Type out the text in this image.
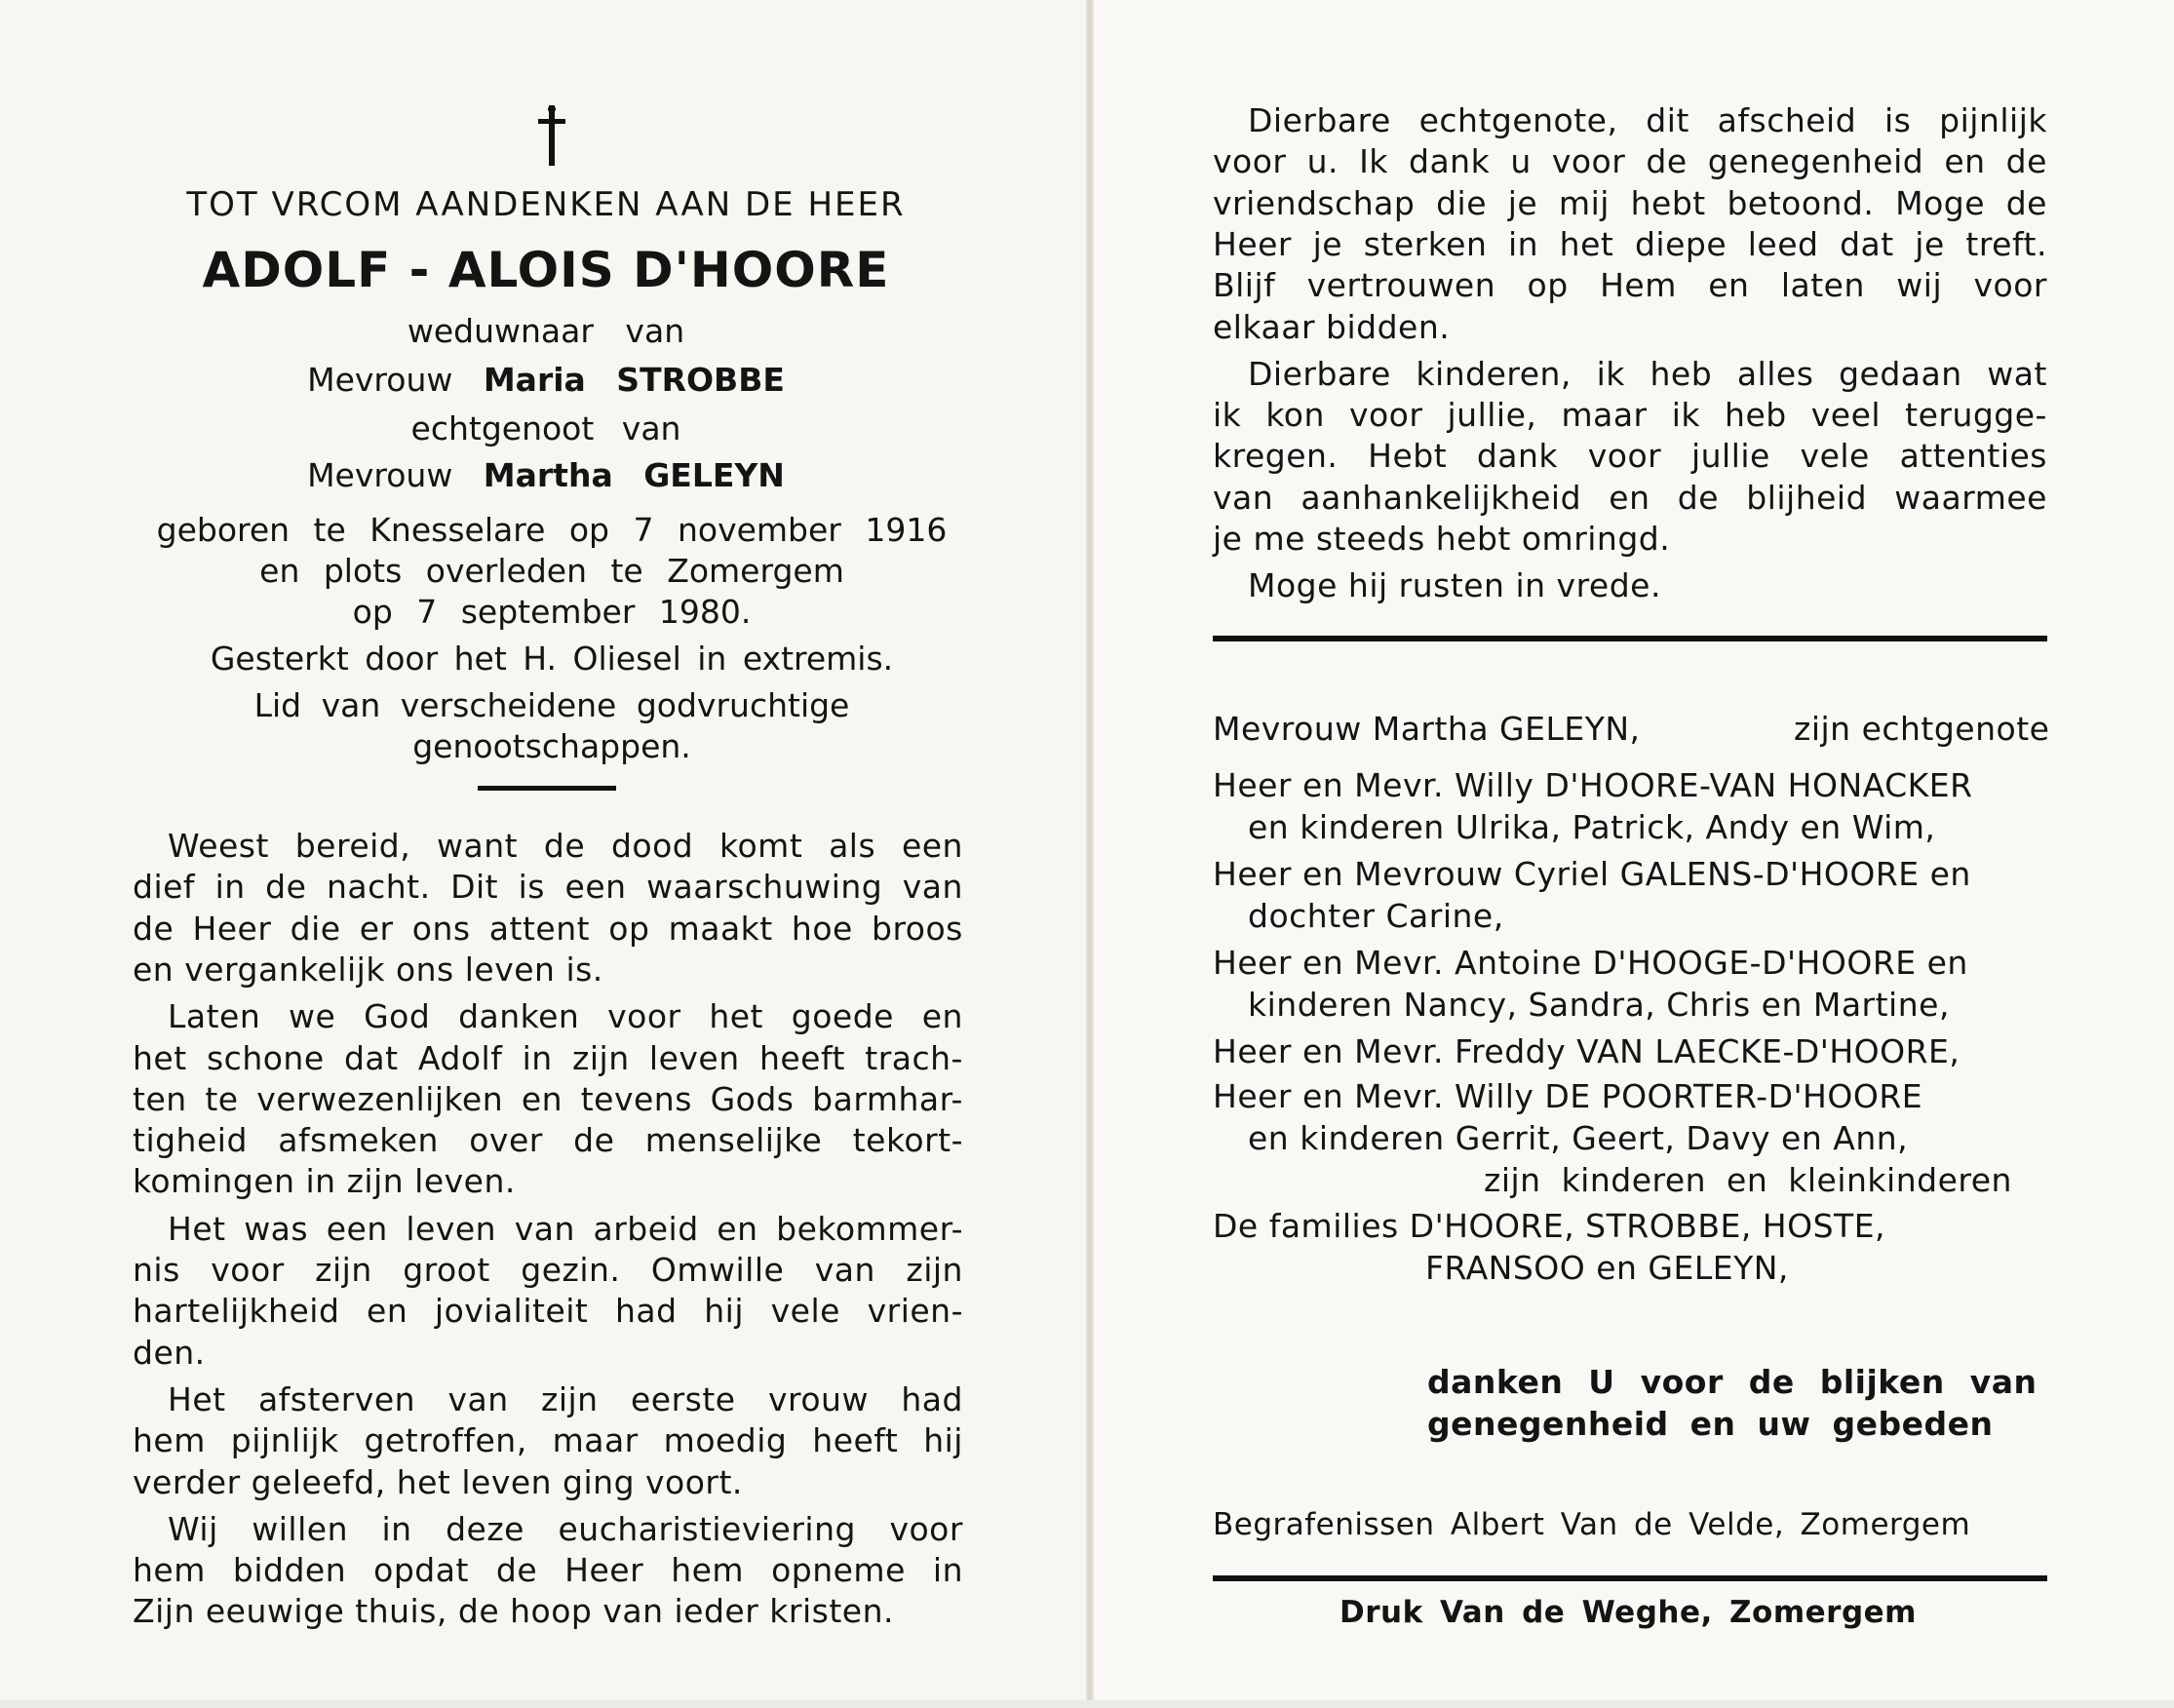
TOT VRCOM AANDENKEN AAN DE HEER
ADOLF - ALOIS D'HOORE
weduwnaar van
Mevrouw Maria STROBBE
echtgenoot van
Mevrouw Martha GELEYN
geboren te Knesselare op 7 november 1916
en plots overleden te Zomergem
op 7 september 1980.
Gesterkt door het H. Oliesel in extremis.
Lid van verscheidene godvruchtige
genootschappen.
Weest bereid, want de dood komt als een
dief in de nacht. Dit is een waarschuwing van
de Heer die er ons attent op maakt hoe broos
en vergankelijk ons leven is.
Laten we God danken voor het goede en
het schone dat Adolf in zijn leven heeft trach-
ten te verwezenlijken en tevens Gods barmhar-
tigheid afsmeken over de menselijke tekort-
komingen in zijn leven.
Het was een leven van arbeid en bekommer-
nis voor zijn groot gezin. Omwille van zijn
hartelijkheid en jovialiteit had hij vele vrien-
den.
Het afsterven van zijn eerste vrouw had
hem pijnlijk getroffen, maar moedig heeft hij
verder geleefd, het leven ging voort.
Wij willen in deze eucharistieviering voor
hem bidden opdat de Heer hem opneme in
Zijn eeuwige thuis, de hoop van ieder kristen.
Dierbare echtgenote, dit afscheid is pijnlijk
voor u. Ik dank u voor de genegenheid en de
vriendschap die je mij hebt betoond. Moge de
Heer je sterken in het diepe leed dat je treft.
Blijf vertrouwen op Hem en laten wij voor
elkaar bidden.
Dierbare kinderen, ik heb alles gedaan wat
ik kon voor jullie, maar ik heb veel terugge-
kregen. Hebt dank voor jullie vele attenties
van aanhankelijkheid en de blijheid waarmee
je me steeds hebt omringd.
Moge hij rusten in vrede.
Mevrouw Martha GELEYN,	zijn echtgenote
Heer en Mevr. Willy D'HOORE-VAN HONACKER
en kinderen Ulrika, Patrick, Andy en Wim,
Heer en Mevrouw Cyriel GALENS-D'HOORE en
dochter Carine,
Heer en Mevr. Antoine D'HOOGE-D'HOORE en
kinderen Nancy, Sandra, Chris en Martine,
Heer en Mevr. Freddy VAN LAECKE-D'HOORE,
Heer en Mevr. Willy DE POORTER-D'HOORE
en kinderen Gerrit, Geert, Davy en Ann,
zijn kinderen en kleinkinderen
De families D'HOORE, STROBBE, HOSTE,
FRANSOO en GELEYN,
danken U voor de blijken van
genegenheid en uw gebeden
Begrafenissen Albert Van de Velde, Zomergem
Druk Van de Weghe, Zomergem
